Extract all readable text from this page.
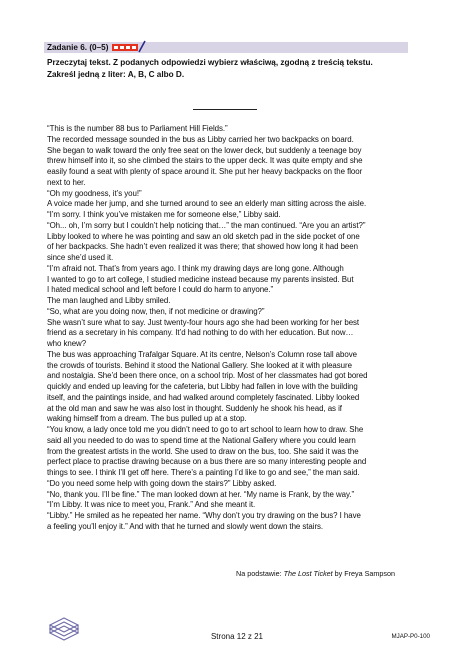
Zadanie 6. (0–5)
Przeczytaj tekst. Z podanych odpowiedzi wybierz właściwą, zgodną z treścią tekstu.
Zakreśl jedną z liter: A, B, C albo D.
“This is the number 88 bus to Parliament Hill Fields.”
The recorded message sounded in the bus as Libby carried her two backpacks on board.
She began to walk toward the only free seat on the lower deck, but suddenly a teenage boy
threw himself into it, so she climbed the stairs to the upper deck. It was quite empty and she
easily found a seat with plenty of space around it. She put her heavy backpacks on the floor
next to her.
“Oh my goodness, it’s you!”
A voice made her jump, and she turned around to see an elderly man sitting across the aisle.
“I’m sorry. I think you’ve mistaken me for someone else,” Libby said.
“Oh... oh, I’m sorry but I couldn’t help noticing that…” the man continued. “Are you an artist?”
Libby looked to where he was pointing and saw an old sketch pad in the side pocket of one
of her backpacks. She hadn’t even realized it was there; that showed how long it had been
since she’d used it.
“I’m afraid not. That’s from years ago. I think my drawing days are long gone. Although
I wanted to go to art college, I studied medicine instead because my parents insisted. But
I hated medical school and left before I could do harm to anyone.”
The man laughed and Libby smiled.
“So, what are you doing now, then, if not medicine or drawing?”
She wasn’t sure what to say. Just twenty-four hours ago she had been working for her best
friend as a secretary in his company. It’d had nothing to do with her education. But now…
who knew?
The bus was approaching Trafalgar Square. At its centre, Nelson’s Column rose tall above
the crowds of tourists. Behind it stood the National Gallery. She looked at it with pleasure
and nostalgia. She’d been there once, on a school trip. Most of her classmates had got bored
quickly and ended up leaving for the cafeteria, but Libby had fallen in love with the building
itself, and the paintings inside, and had walked around completely fascinated. Libby looked
at the old man and saw he was also lost in thought. Suddenly he shook his head, as if
waking himself from a dream. The bus pulled up at a stop.
“You know, a lady once told me you didn’t need to go to art school to learn how to draw. She
said all you needed to do was to spend time at the National Gallery where you could learn
from the greatest artists in the world. She used to draw on the bus, too. She said it was the
perfect place to practise drawing because on a bus there are so many interesting people and
things to see. I think I’ll get off here. There’s a painting I’d like to go and see,” the man said.
“Do you need some help with going down the stairs?” Libby asked.
“No, thank you. I’ll be fine.” The man looked down at her. “My name is Frank, by the way.”
“I’m Libby. It was nice to meet you, Frank.” And she meant it.
“Libby.” He smiled as he repeated her name. “Why don’t you try drawing on the bus? I have
a feeling you’ll enjoy it.” And with that he turned and slowly went down the stairs.
Na podstawie: The Lost Ticket by Freya Sampson
Strona 12 z 21	MJAP-P0-100
